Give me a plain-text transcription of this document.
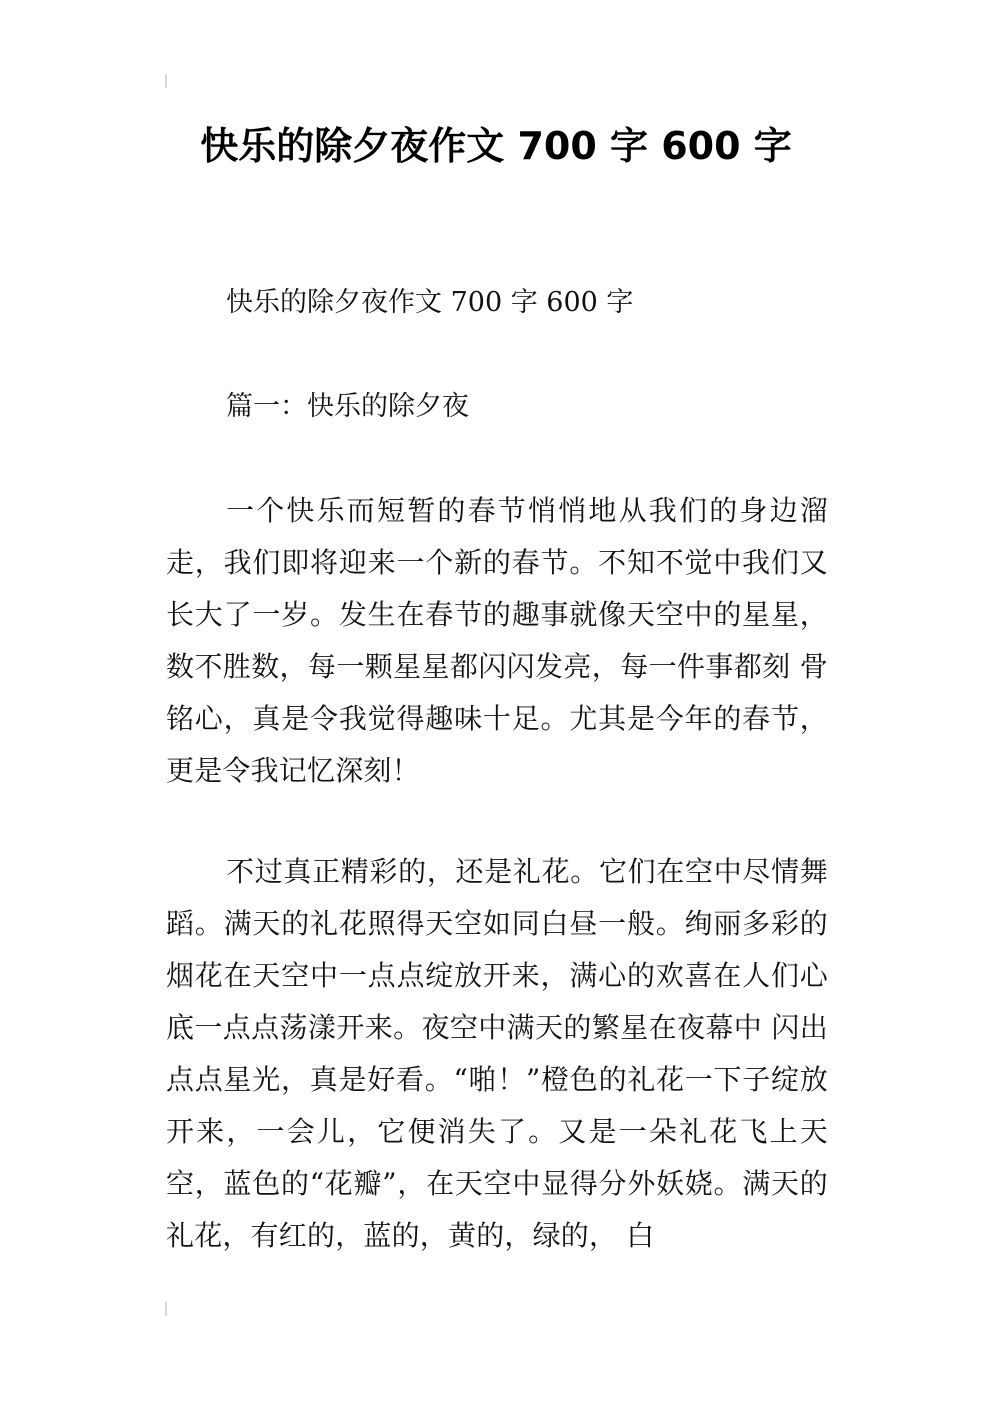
快乐的除夕夜作文 700 字 600 字

快乐的除夕夜作文 700 字 600 字

篇一：快乐的除夕夜

一个快乐而短暂的春节悄悄地从我们的身边溜走，我们即将迎来一个新的春节。不知不觉中我们又长大了一岁。发生在春节的趣事就像天空中的星星，数不胜数，每一颗星星都闪闪发亮，每一件事都刻 骨铭心，真是令我觉得趣味十足。尤其是今年的春节，更是令我记忆深刻！

不过真正精彩的，还是礼花。它们在空中尽情舞蹈。满天的礼花照得天空如同白昼一般。绚丽多彩的烟花在天空中一点点绽放开来，满心的欢喜在人们心底一点点荡漾开来。夜空中满天的繁星在夜幕中 闪出点点星光，真是好看。“啪！”橙色的礼花一下子绽放开来，一会儿，它便消失了。又是一朵礼花飞上天空，蓝色的“花瓣”，在天空中显得分外妖娆。满天的礼花，有红的，蓝的，黄的，绿的， 白
